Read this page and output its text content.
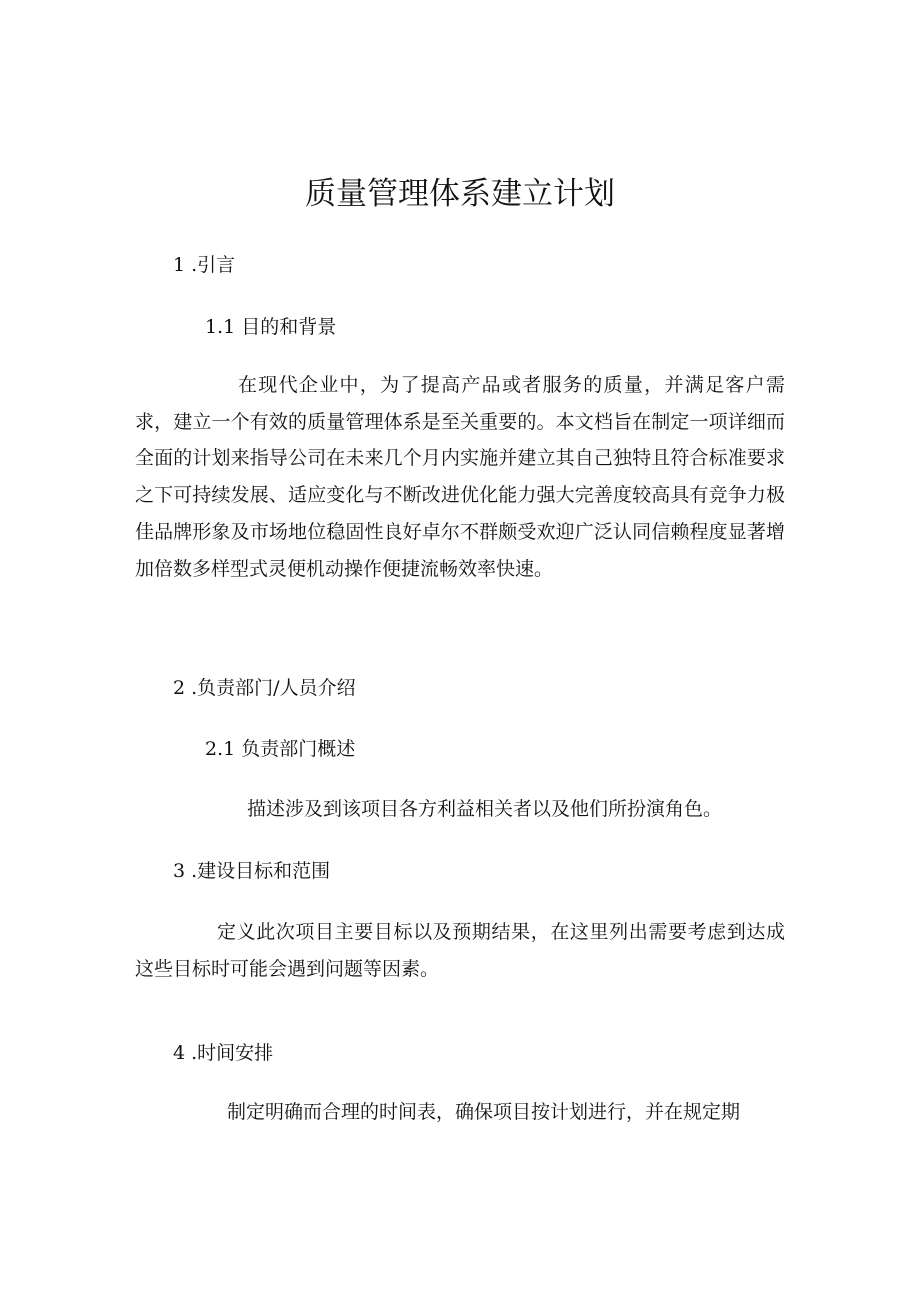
质量管理体系建立计划
1 .引言
1.1 目的和背景

在现代企业中，为了提高产品或者服务的质量，并满足客户需求，建立一个有效的质量管理体系是至关重要的。本文档旨在制定一项详细而全面的计划来指导公司在未来几个月内实施并建立其自己独特且符合标准要求之下可持续发展、适应变化与不断改进优化能力强大完善度较高具有竞争力极佳品牌形象及市场地位稳固性良好卓尔不群颇受欢迎广泛认同信赖程度显著增加倍数多样型式灵便机动操作便捷流畅效率快速。

2 .负责部门/人员介绍
2.1 负责部门概述

描述涉及到该项目各方利益相关者以及他们所扮演角色。

3 .建设目标和范围

定义此次项目主要目标以及预期结果，在这里列出需要考虑到达成这些目标时可能会遇到问题等因素。

4 .时间安排

制定明确而合理的时间表，确保项目按计划进行，并在规定期
